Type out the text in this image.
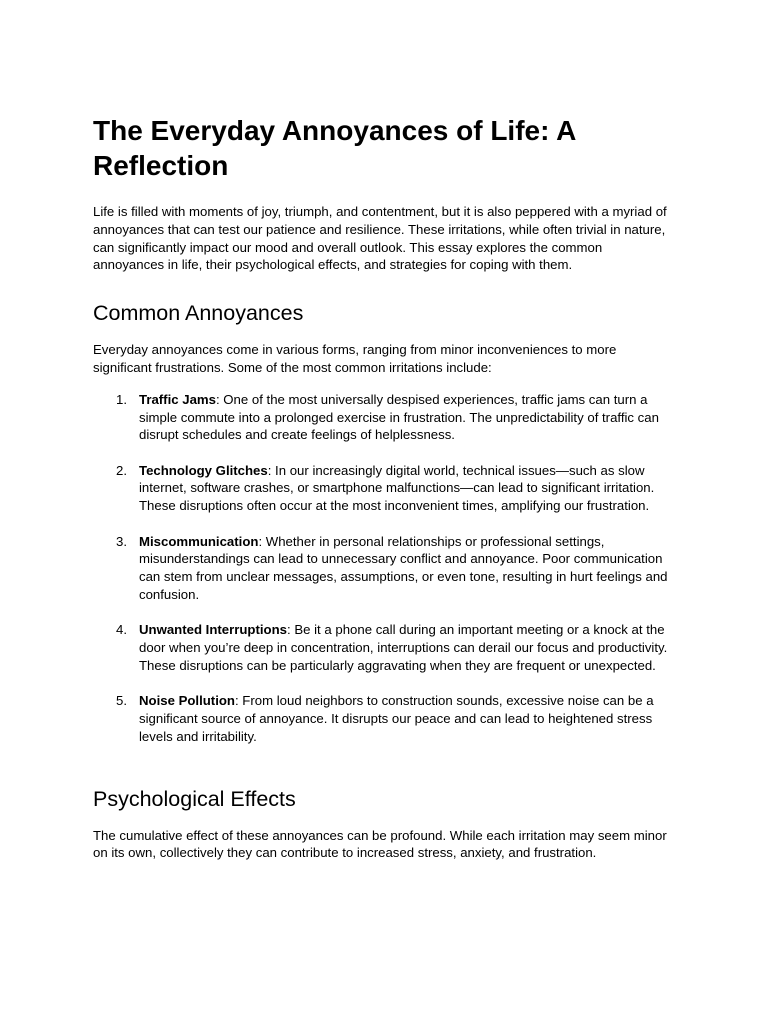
The Everyday Annoyances of Life: A Reflection

Life is filled with moments of joy, triumph, and contentment, but it is also peppered with a myriad of annoyances that can test our patience and resilience. These irritations, while often trivial in nature, can significantly impact our mood and overall outlook. This essay explores the common annoyances in life, their psychological effects, and strategies for coping with them.

Common Annoyances

Everyday annoyances come in various forms, ranging from minor inconveniences to more significant frustrations. Some of the most common irritations include:

1. Traffic Jams: One of the most universally despised experiences, traffic jams can turn a simple commute into a prolonged exercise in frustration. The unpredictability of traffic can disrupt schedules and create feelings of helplessness.
2. Technology Glitches: In our increasingly digital world, technical issues—such as slow internet, software crashes, or smartphone malfunctions—can lead to significant irritation. These disruptions often occur at the most inconvenient times, amplifying our frustration.
3. Miscommunication: Whether in personal relationships or professional settings, misunderstandings can lead to unnecessary conflict and annoyance. Poor communication can stem from unclear messages, assumptions, or even tone, resulting in hurt feelings and confusion.
4. Unwanted Interruptions: Be it a phone call during an important meeting or a knock at the door when you’re deep in concentration, interruptions can derail our focus and productivity. These disruptions can be particularly aggravating when they are frequent or unexpected.
5. Noise Pollution: From loud neighbors to construction sounds, excessive noise can be a significant source of annoyance. It disrupts our peace and can lead to heightened stress levels and irritability.
Psychological Effects

The cumulative effect of these annoyances can be profound. While each irritation may seem minor on its own, collectively they can contribute to increased stress, anxiety, and frustration.
